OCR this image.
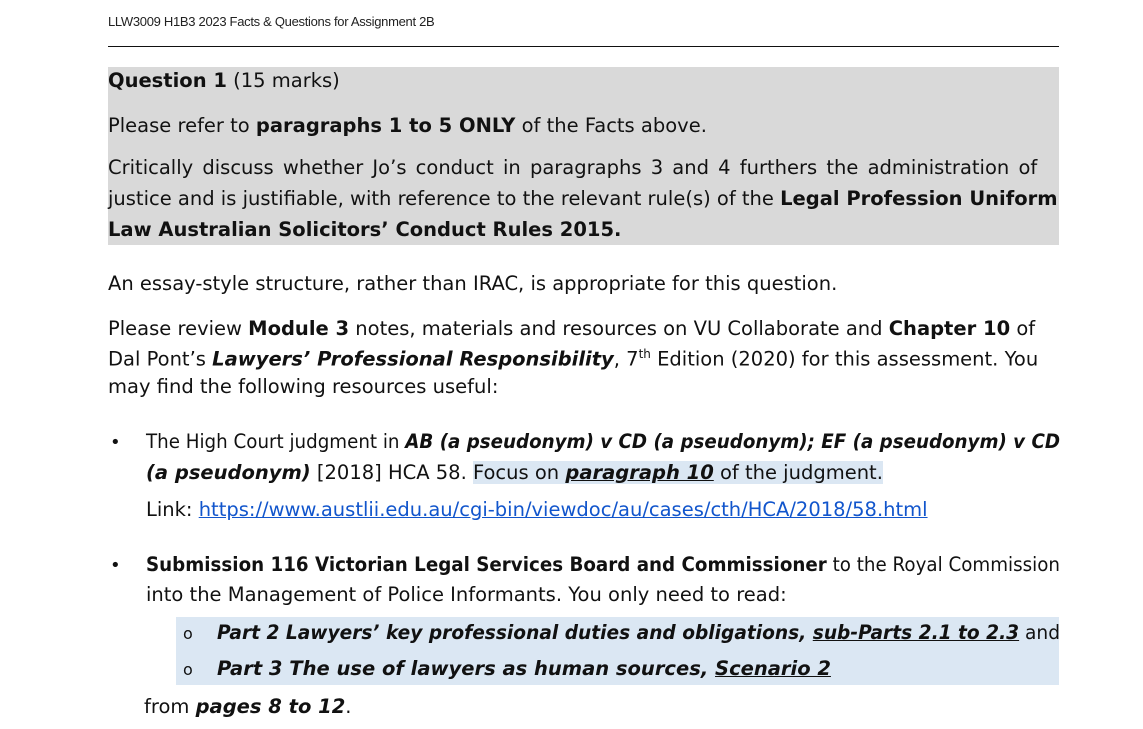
LLW3009 H1B3 2023 Facts & Questions for Assignment 2B
Question 1 (15 marks)
Please refer to paragraphs 1 to 5 ONLY of the Facts above.
Critically discuss whether Jo’s conduct in paragraphs 3 and 4 furthers the administration of
justice and is justifiable, with reference to the relevant rule(s) of the Legal Profession Uniform
Law Australian Solicitors’ Conduct Rules 2015.
An essay-style structure, rather than IRAC, is appropriate for this question.
Please review Module 3 notes, materials and resources on VU Collaborate and Chapter 10 of
Dal Pont’s Lawyers’ Professional Responsibility, 7th Edition (2020) for this assessment. You
may find the following resources useful:
• The High Court judgment in AB (a pseudonym) v CD (a pseudonym); EF (a pseudonym) v CD
(a pseudonym) [2018] HCA 58. Focus on paragraph 10 of the judgment.
Link: https://www.austlii.edu.au/cgi-bin/viewdoc/au/cases/cth/HCA/2018/58.html
• Submission 116 Victorian Legal Services Board and Commissioner to the Royal Commission
into the Management of Police Informants. You only need to read:
o Part 2 Lawyers’ key professional duties and obligations, sub-Parts 2.1 to 2.3 and
o Part 3 The use of lawyers as human sources, Scenario 2
from pages 8 to 12.
